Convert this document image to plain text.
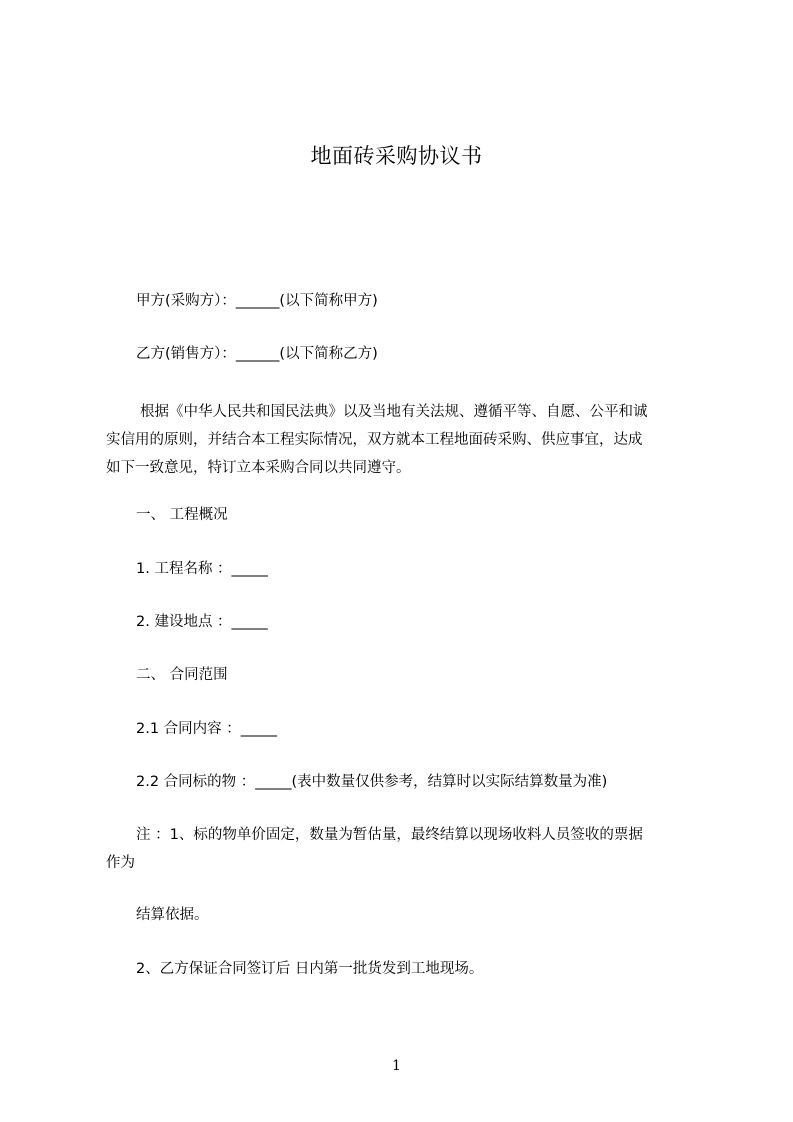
地面砖采购协议书
甲方(采购方）：______(以下简称甲方)
乙方(销售方）：______(以下简称乙方)
根据《中华人民共和国民法典》以及当地有关法规、遵循平等、自愿、公平和诚
实信用的原则，并结合本工程实际情况，双方就本工程地面砖采购、供应事宜，达成
如下一致意见，特订立本采购合同以共同遵守。
一、 工程概况
1. 工程名称 ：_____
2. 建设地点 ：_____
二、 合同范围
2.1 合同内容 ：_____
2.2 合同标的物 ：_____(表中数量仅供参考，结算时以实际结算数量为准)
注 ：1、标的物单价固定，数量为暂估量，最终结算以现场收料人员签收的票据
作为
结算依据。
2、乙方保证合同签订后 日内第一批货发到工地现场。
1
